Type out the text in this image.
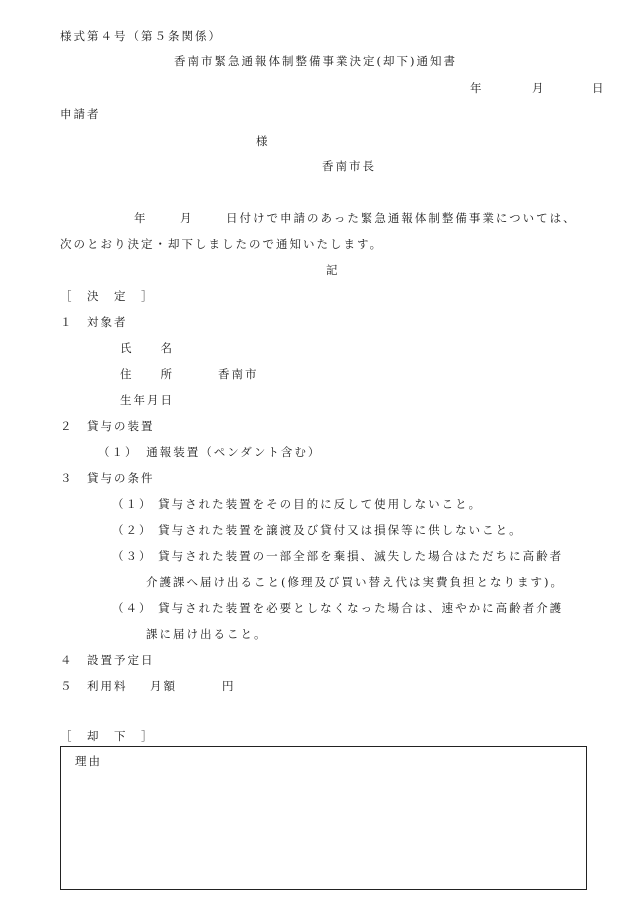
様式第４号（第５条関係）
香南市緊急通報体制整備事業決定(却下)通知書
年	月	日
申請者
様
香南市長
年	月	日付けで申請のあった緊急通報体制整備事業については、
次のとおり決定・却下しましたので通知いたします。
記
［　決　定　］
１　対象者
氏　　名
住　　所	香南市
生年月日
２　貸与の装置
（１）　通報装置（ペンダント含む）
３　貸与の条件
（１） 貸与された装置をその目的に反して使用しないこと。
（２） 貸与された装置を譲渡及び貸付又は損保等に供しないこと。
（３） 貸与された装置の一部全部を棄損、滅失した場合はただちに高齢者
介護課へ届け出ること(修理及び買い替え代は実費負担となります)。
（４） 貸与された装置を必要としなくなった場合は、速やかに高齢者介護
課に届け出ること。
４　設置予定日
５　利用料 月額	円
［　却　下　］
理由
